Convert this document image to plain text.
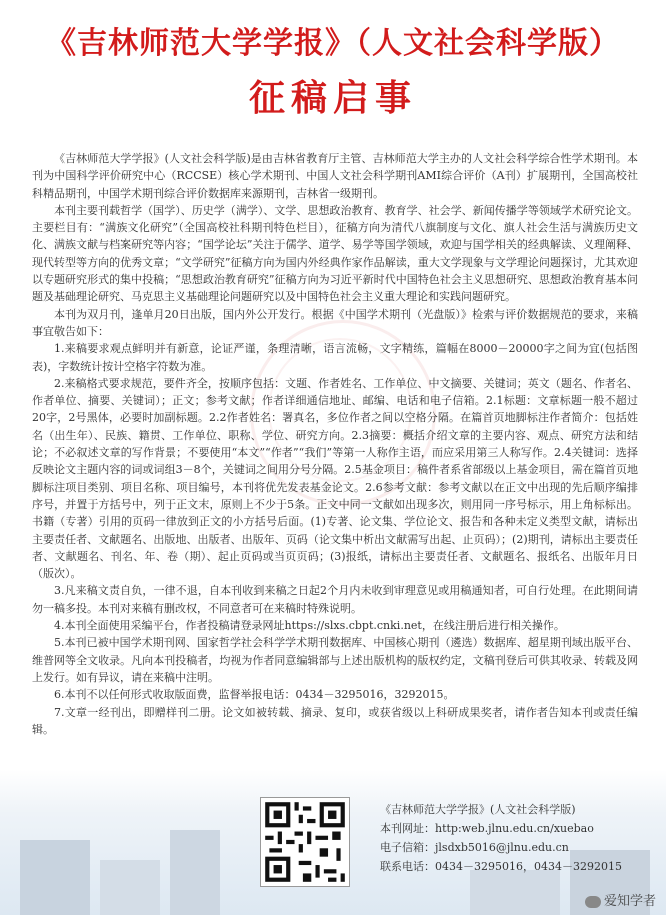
《吉林师范大学学报》（人文社会科学版）
征稿启事

《吉林师范大学学报》(人文社会科学版)是由吉林省教育厅主管、吉林师范大学主办的人文社会科学综合性学术期刊。本刊为中国科学评价研究中心（RCCSE）核心学术期刊、中国人文社会科学期刊AMI综合评价（A刊）扩展期刊，全国高校社科精品期刊，中国学术期刊综合评价数据库来源期刊，吉林省一级期刊。

本刊主要刊载哲学（国学）、历史学（满学）、文学、思想政治教育、教育学、社会学、新闻传播学等领域学术研究论文。主要栏目有：“满族文化研究”（全国高校社科期刊特色栏目），征稿方向为清代八旗制度与文化、旗人社会生活与满族历史文化、满族文献与档案研究等内容；“国学论坛”关注于儒学、道学、易学等国学领域，欢迎与国学相关的经典解读、义理阐释、现代转型等方向的优秀文章；“文学研究”征稿方向为国内外经典作家作品解读，重大文学现象与文学理论问题探讨，尤其欢迎以专题研究形式的集中投稿；“思想政治教育研究”征稿方向为习近平新时代中国特色社会主义思想研究、思想政治教育基本问题及基础理论研究、马克思主义基础理论问题研究以及中国特色社会主义重大理论和实践问题研究。

本刊为双月刊，逢单月20日出版，国内外公开发行。根据《中国学术期刊（光盘版）》检索与评价数据规范的要求，来稿事宜敬告如下：

1.来稿要求观点鲜明并有新意，论证严谨，条理清晰，语言流畅，文字精练，篇幅在8000－20000字之间为宜(包括图表)，字数统计按计空格字符数为准。

2.来稿格式要求规范，要件齐全，按顺序包括：文题、作者姓名、工作单位、中文摘要、关键词；英文（题名、作者名、作者单位、摘要、关键词）；正文；参考文献；作者详细通信地址、邮编、电话和电子信箱。2.1标题：文章标题一般不超过20字，2号黑体，必要时加副标题。2.2作者姓名：署真名，多位作者之间以空格分隔。在篇首页地脚标注作者简介：包括姓名（出生年）、民族、籍贯、工作单位、职称、学位、研究方向。2.3摘要：概括介绍文章的主要内容、观点、研究方法和结论；不必叙述文章的写作背景；不要使用“本文”“作者”“我们”等第一人称作主语，而应采用第三人称写作。2.4关键词：选择反映论文主题内容的词或词组3－8个，关键词之间用分号分隔。2.5基金项目：稿件者系省部级以上基金项目，需在篇首页地脚标注项目类别、项目名称、项目编号，本刊将优先发表基金论文。2.6参考文献：参考文献以在正文中出现的先后顺序编排序号，并置于方括号中，列于正文末，原则上不少于5条。正文中同一文献如出现多次，则用同一序号标示，用上角标标出。书籍（专著）引用的页码一律放到正文的小方括号后面。(1)专著、论文集、学位论文、报告和各种未定义类型文献，请标出主要责任者、文献题名、出版地、出版者、出版年、页码（论文集中析出文献需写出起、止页码）；(2)期刊，请标出主要责任者、文献题名、刊名、年、卷（期）、起止页码或当页页码；(3)报纸，请标出主要责任者、文献题名、报纸名、出版年月日（版次）。

3.凡来稿文责自负，一律不退，自本刊收到来稿之日起2个月内未收到审理意见或用稿通知者，可自行处理。在此期间请勿一稿多投。本刊对来稿有删改权，不同意者可在来稿时特殊说明。

4.本刊全面使用采编平台，作者投稿请登录网址https://slxs.cbpt.cnki.net，在线注册后进行相关操作。

5.本刊已被中国学术期刊网、国家哲学社会科学学术期刊数据库、中国核心期刊（遴选）数据库、超星期刊域出版平台、维普网等全文收录。凡向本刊投稿者，均视为作者同意编辑部与上述出版机构的版权约定，文稿刊登后可供其收录、转载及网上发行。如有异议，请在来稿中注明。

6.本刊不以任何形式收取版面费，监督举报电话：0434－3295016，3292015。

7.文章一经刊出，即赠样刊二册。论文如被转载、摘录、复印，或获省级以上科研成果奖者，请作者告知本刊或责任编辑。

《吉林师范大学学报》(人文社会科学版)
本刊网址：http:web.jlnu.edu.cn/xuebao
电子信箱：jlsdxb5016@jlnu.edu.cn
联系电话：0434－3295016，0434－3292015
爱知学者
